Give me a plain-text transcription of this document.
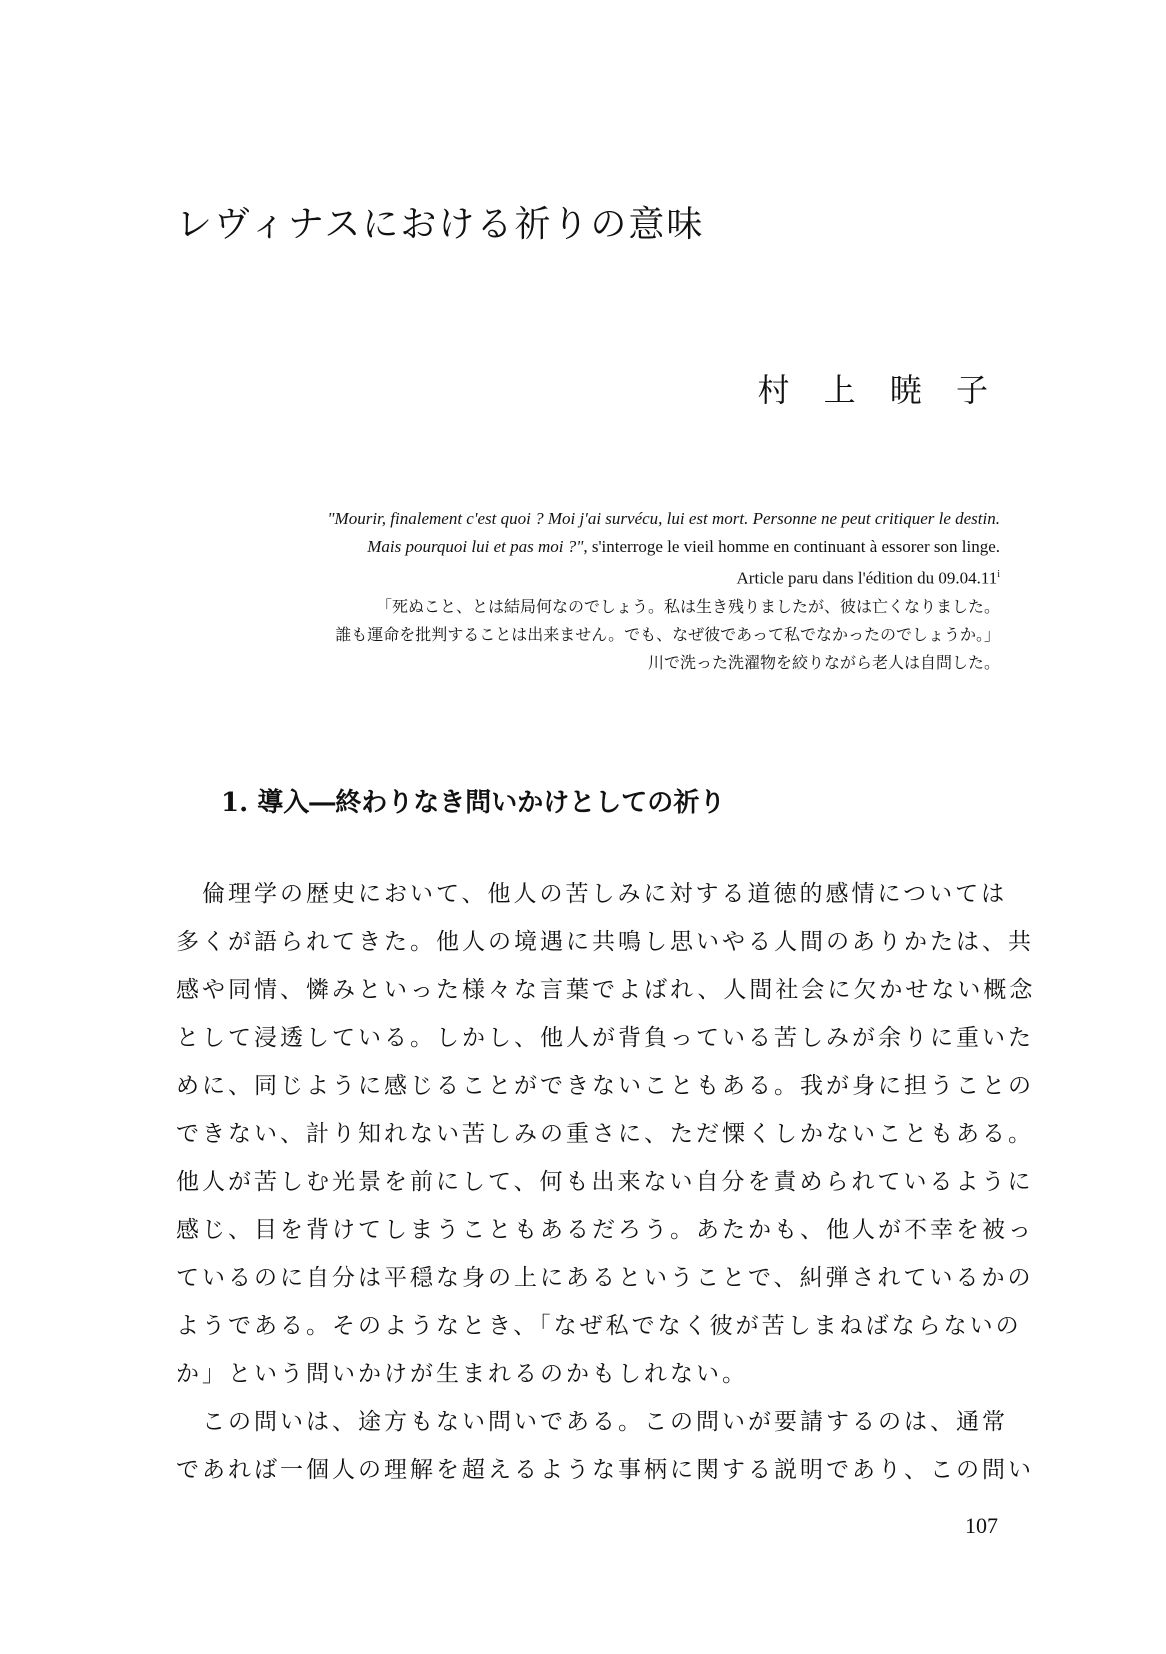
レヴィナスにおける祈りの意味
村 上 暁 子
"Mourir, finalement c'est quoi ? Moi j'ai survécu, lui est mort. Personne ne peut critiquer le destin.
Mais pourquoi lui et pas moi ?", s'interroge le vieil homme en continuant à essorer son linge.
Article paru dans l'édition du 09.04.11$^i$
「死ぬこと、とは結局何なのでしょう。私は生き残りましたが、彼は亡くなりました。
誰も運命を批判することは出来ません。でも、なぜ彼であって私でなかったのでしょうか。」
川で洗った洗濯物を絞りながら老人は自問した。
1. 導入―終わりなき問いかけとしての祈り
　倫理学の歴史において、他人の苦しみに対する道徳的感情については
多くが語られてきた。他人の境遇に共鳴し思いやる人間のありかたは、共
感や同情、憐みといった様々な言葉でよばれ、人間社会に欠かせない概念
として浸透している。しかし、他人が背負っている苦しみが余りに重いた
めに、同じように感じることができないこともある。我が身に担うことの
できない、計り知れない苦しみの重さに、ただ慄くしかないこともある。
他人が苦しむ光景を前にして、何も出来ない自分を責められているように
感じ、目を背けてしまうこともあるだろう。あたかも、他人が不幸を被っ
ているのに自分は平穏な身の上にあるということで、糾弾されているかの
ようである。そのようなとき、「なぜ私でなく彼が苦しまねばならないの
か」という問いかけが生まれるのかもしれない。
　この問いは、途方もない問いである。この問いが要請するのは、通常
であれば一個人の理解を超えるような事柄に関する説明であり、この問い
107
